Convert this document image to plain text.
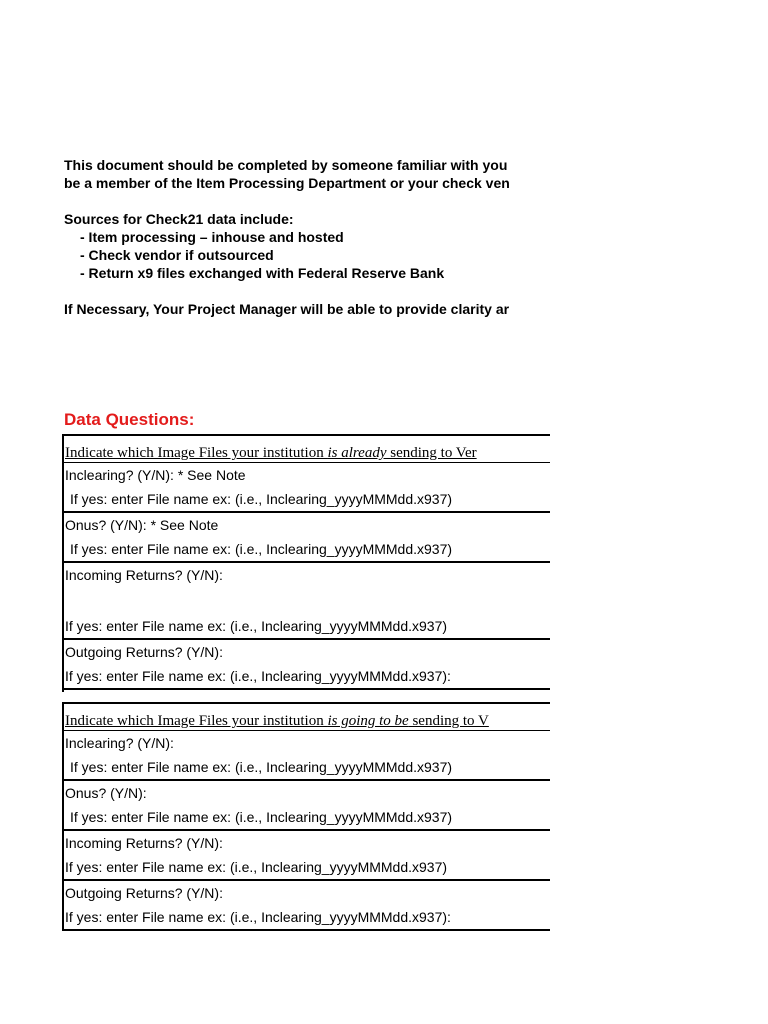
This document should be completed by someone familiar with you
be a member of the Item Processing Department or your check ven
Sources for Check21 data include:
- Item processing – inhouse and hosted
- Check vendor if outsourced
- Return x9 files exchanged with Federal Reserve Bank
If Necessary, Your Project Manager will be able to provide clarity ar
Data Questions:
Indicate which Image Files your institution is already sending to Ver
Inclearing? (Y/N): * See Note
If yes: enter File name ex: (i.e., Inclearing_yyyyMMMdd.x937)
Onus? (Y/N): * See Note
If yes: enter File name ex: (i.e., Inclearing_yyyyMMMdd.x937)
Incoming Returns? (Y/N):
If yes: enter File name ex: (i.e., Inclearing_yyyyMMMdd.x937)
Outgoing Returns? (Y/N):
If yes: enter File name ex: (i.e., Inclearing_yyyyMMMdd.x937):
Indicate which Image Files your institution is going to be sending to V
Inclearing? (Y/N):
If yes: enter File name ex: (i.e., Inclearing_yyyyMMMdd.x937)
Onus? (Y/N):
If yes: enter File name ex: (i.e., Inclearing_yyyyMMMdd.x937)
Incoming Returns? (Y/N):
If yes: enter File name ex: (i.e., Inclearing_yyyyMMMdd.x937)
Outgoing Returns? (Y/N):
If yes: enter File name ex: (i.e., Inclearing_yyyyMMMdd.x937):
